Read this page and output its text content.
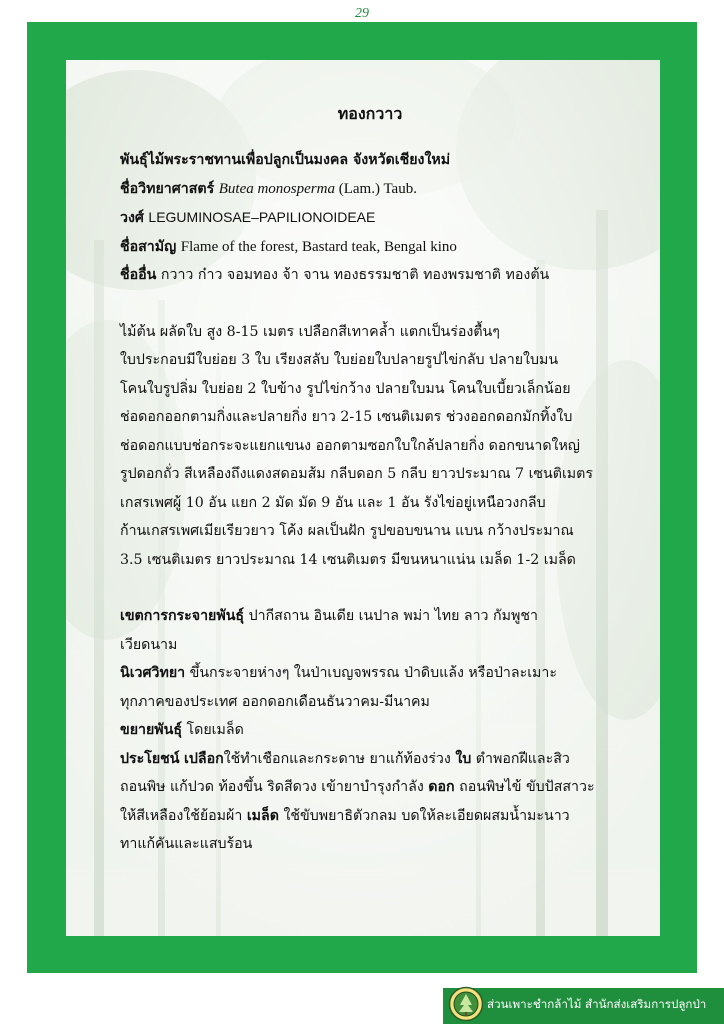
29
ทองกวาว
พันธุ์ไม้พระราชทานเพื่อปลูกเป็นมงคล จังหวัดเชียงใหม่
ชื่อวิทยาศาสตร์ Butea monosperma (Lam.) Taub.
วงศ์ LEGUMINOSAE–PAPILIONOIDEAE
ชื่อสามัญ Flame of the forest, Bastard teak, Bengal kino
ชื่ออื่น กวาว ก๋าว จอมทอง จ้า จาน ทองธรรมชาติ ทองพรมชาติ ทองต้น
ไม้ต้น ผลัดใบ สูง 8-15 เมตร เปลือกสีเทาคล้ำ แตกเป็นร่องตื้นๆ
ใบประกอบมีใบย่อย 3 ใบ เรียงสลับ ใบย่อยใบปลายรูปไข่กลับ ปลายใบมน
โคนใบรูปลิ่ม ใบย่อย 2 ใบข้าง รูปไข่กว้าง ปลายใบมน โคนใบเบี้ยวเล็กน้อย
ช่อดอกออกตามกิ่งและปลายกิ่ง ยาว 2-15 เซนติเมตร ช่วงออกดอกมักทิ้งใบ
ช่อดอกแบบช่อกระจะแยกแขนง ออกตามซอกใบใกล้ปลายกิ่ง ดอกขนาดใหญ่
รูปดอกถั่ว สีเหลืองถึงแดงสดอมส้ม กลีบดอก 5 กลีบ ยาวประมาณ 7 เซนติเมตร
เกสรเพศผู้ 10 อัน แยก 2 มัด มัด 9 อัน และ 1 อัน รังไข่อยู่เหนือวงกลีบ
ก้านเกสรเพศเมียเรียวยาว โค้ง ผลเป็นฝัก รูปขอบขนาน แบน กว้างประมาณ
3.5 เซนติเมตร ยาวประมาณ 14 เซนติเมตร มีขนหนาแน่น เมล็ด 1-2 เมล็ด
เขตการกระจายพันธุ์ ปากีสถาน อินเดีย เนปาล พม่า ไทย ลาว กัมพูชา
เวียดนาม
นิเวศวิทยา ขึ้นกระจายห่างๆ ในป่าเบญจพรรณ ป่าดิบแล้ง หรือป่าละเมาะ
ทุกภาคของประเทศ ออกดอกเดือนธันวาคม-มีนาคม
ขยายพันธุ์ โดยเมล็ด
ประโยชน์ เปลือกใช้ทำเชือกและกระดาษ ยาแก้ท้องร่วง ใบ ตำพอกฝีและสิว
ถอนพิษ แก้ปวด ท้องขึ้น ริดสีดวง เข้ายาบำรุงกำลัง ดอก ถอนพิษไข้ ขับปัสสาวะ
ให้สีเหลืองใช้ย้อมผ้า เมล็ด ใช้ขับพยาธิตัวกลม บดให้ละเอียดผสมน้ำมะนาว
ทาแก้คันและแสบร้อน
ส่วนเพาะชำกล้าไม้ สำนักส่งเสริมการปลูกป่า
